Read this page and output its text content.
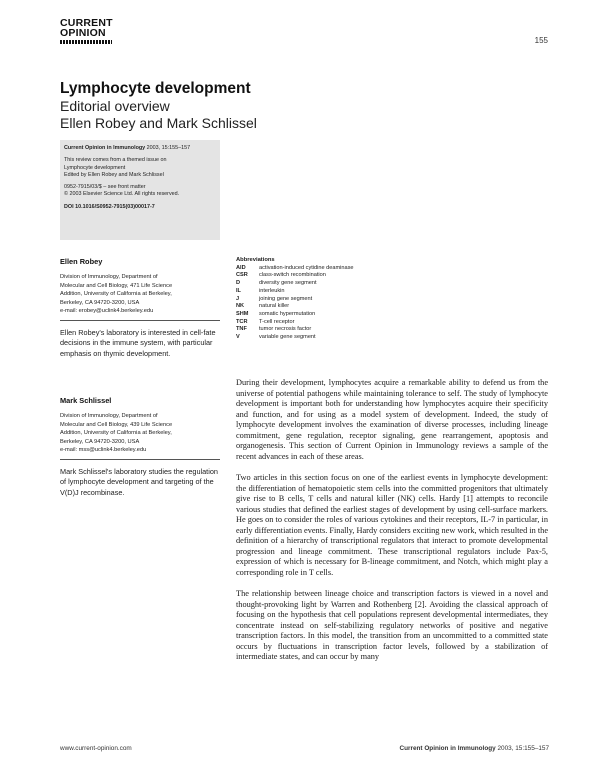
CURRENT
OPINION
155
Lymphocyte development
Editorial overview
Ellen Robey and Mark Schlissel
Current Opinion in Immunology 2003, 15:155–157
This review comes from a themed issue on
Lymphocyte development
Edited by Ellen Robey and Mark Schlissel
0952-7915/03/$ – see front matter
© 2003 Elsevier Science Ltd. All rights reserved.
DOI 10.1016/S0952-7915(03)00017-7
Ellen Robey
Division of Immunology, Department of
Molecular and Cell Biology, 471 Life Science
Addition, University of California at Berkeley,
Berkeley, CA 94720-3200, USA
e-mail: erobey@uclink4.berkeley.edu
Ellen Robey's laboratory is interested in cell-fate decisions in the immune system, with particular emphasis on thymic development.
Mark Schlissel
Division of Immunology, Department of
Molecular and Cell Biology, 439 Life Science
Addition, University of California at Berkeley,
Berkeley, CA 94720-3200, USA
e-mail: mss@uclink4.berkeley.edu
Mark Schlissel's laboratory studies the regulation of lymphocyte development and targeting of the V(D)J recombinase.
Abbreviations
AID	activation-induced cytidine deaminase
CSR	class-switch recombination
D	diversity gene segment
IL	interleukin
J	joining gene segment
NK	natural killer
SHM	somatic hypermutation
TCR	T-cell receptor
TNF	tumor necrosis factor
V	variable gene segment

During their development, lymphocytes acquire a remarkable ability to defend us from the universe of potential pathogens while maintaining tolerance to self. The study of lymphocyte development is important both for understanding how lymphocytes acquire their specificity and function, and for using as a model system of development. Indeed, the study of lymphocyte development involves the examination of diverse processes, including lineage commitment, gene regulation, receptor signaling, gene rearrangement, apoptosis and organogenesis. This section of Current Opinion in Immunology reviews a sample of the recent advances in each of these areas.

Two articles in this section focus on one of the earliest events in lymphocyte development: the differentiation of hematopoietic stem cells into the committed progenitors that ultimately give rise to B cells, T cells and natural killer (NK) cells. Hardy [1] attempts to reconcile various studies that defined the earliest stages of development by using cell-surface markers. He goes on to consider the roles of various cytokines and their receptors, IL-7 in particular, in early differentiation events. Finally, Hardy considers exciting new work, which resulted in the definition of a hierarchy of transcriptional regulators that interact to promote developmental progression and lineage commitment. These transcriptional regulators include Pax-5, expression of which is necessary for B-lineage commitment, and Notch, which might play a corresponding role in T cells.

The relationship between lineage choice and transcription factors is viewed in a novel and thought-provoking light by Warren and Rothenberg [2]. Avoiding the classical approach of focusing on the hypothesis that cell populations represent developmental intermediates, they concentrate instead on self-stabilizing regulatory networks of positive and negative transcription factors. In this model, the transition from an uncommitted to a committed state occurs by fluctuations in transcription factor levels, followed by a stabilization of intermediate states, and can occur by many

www.current-opinion.com	Current Opinion in Immunology 2003, 15:155–157
